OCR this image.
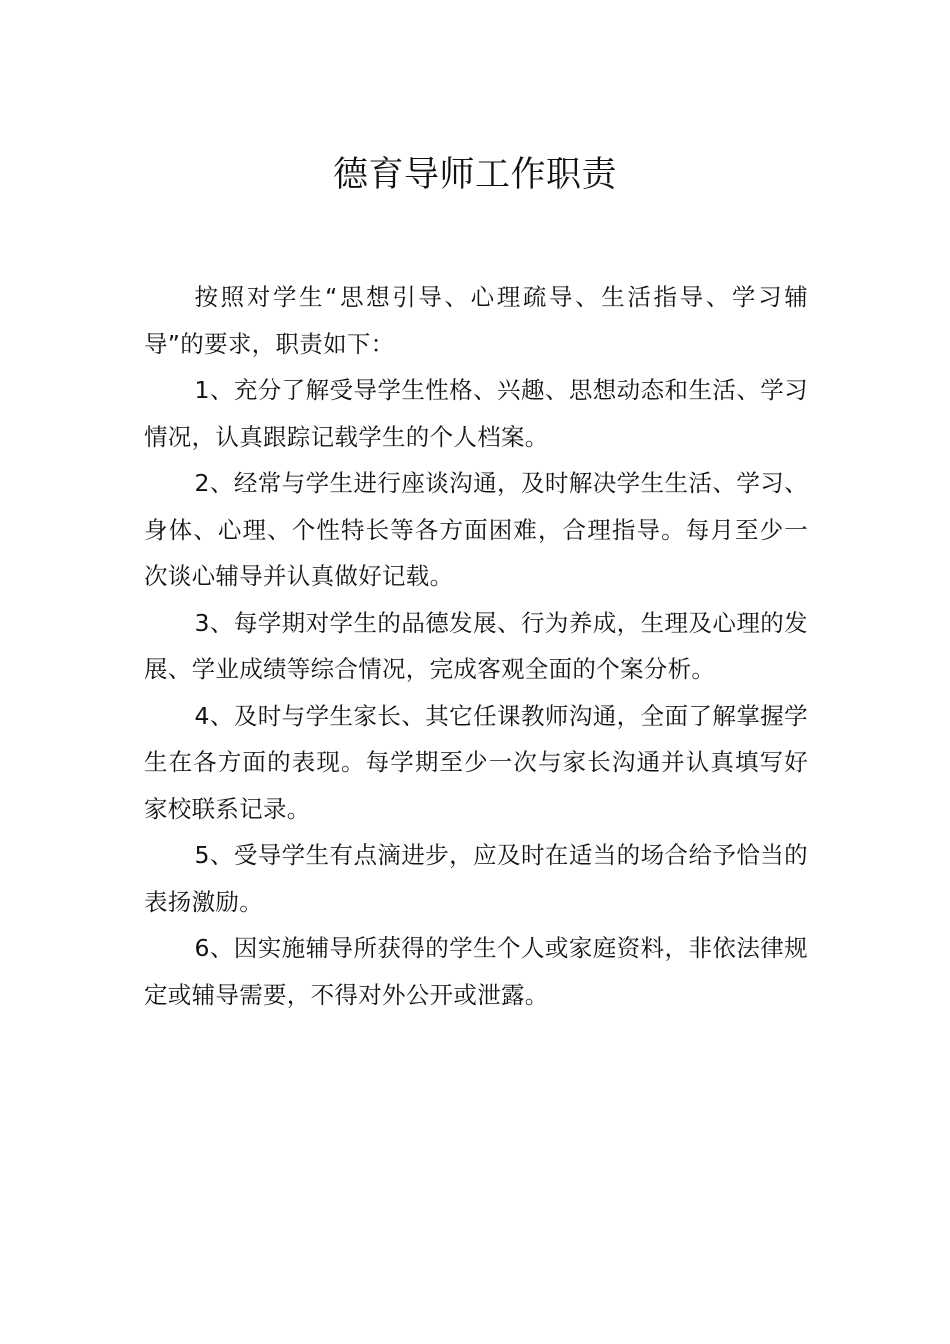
德育导师工作职责

按照对学生“思想引导、心理疏导、生活指导、学习辅导”的要求，职责如下：

1、充分了解受导学生性格、兴趣、思想动态和生活、学习情况，认真跟踪记载学生的个人档案。

2、经常与学生进行座谈沟通，及时解决学生生活、学习、身体、心理、个性特长等各方面困难，合理指导。每月至少一次谈心辅导并认真做好记载。

3、每学期对学生的品德发展、行为养成，生理及心理的发展、学业成绩等综合情况，完成客观全面的个案分析。

4、及时与学生家长、其它任课教师沟通，全面了解掌握学生在各方面的表现。每学期至少一次与家长沟通并认真填写好家校联系记录。

5、受导学生有点滴进步，应及时在适当的场合给予恰当的表扬激励。

6、因实施辅导所获得的学生个人或家庭资料，非依法律规定或辅导需要，不得对外公开或泄露。
